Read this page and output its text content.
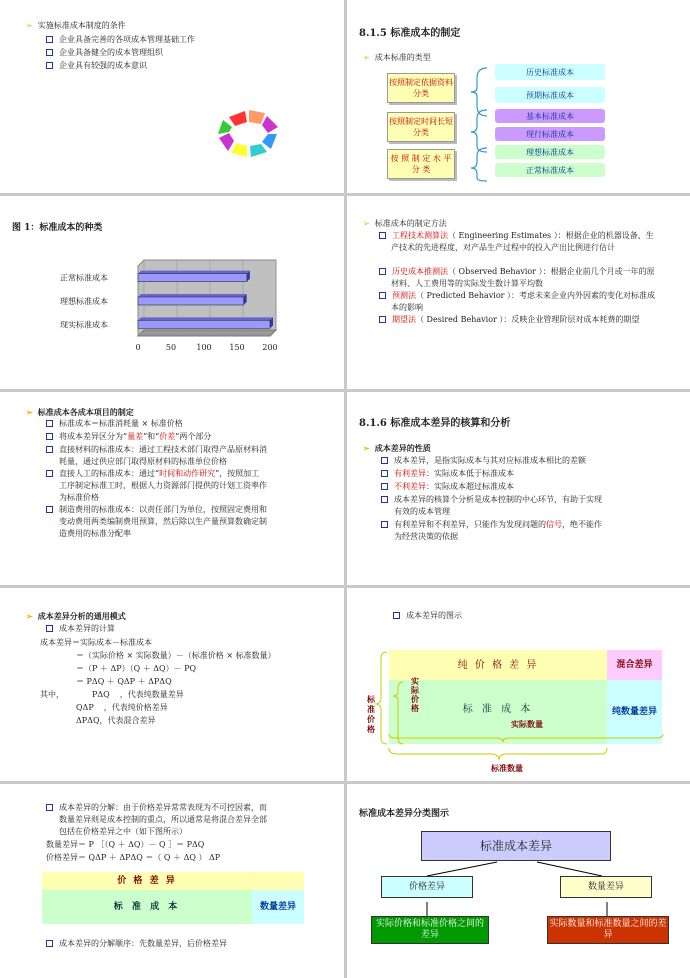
➢ 实施标准成本制度的条件
企业具备完善的各项成本管理基础工作
企业具备健全的成本管理组织
企业具有较强的成本意识
8.1.5 标准成本的制定
➢ 成本标准的类型
按照制定依据资料分类
按照制定时间长短分类
按 照 制 定 水 平 分 类
历史标准成本
预期标准成本
基本标准成本
现行标准成本
理想标准成本
正常标准成本
图 1：标准成本的种类
0	50	100 150 200
正常标准成本
理想标准成本
现实标准成本
➢ 标准成本的制定方法
工程技术测算法（ Engineering Estimates ）：根据企业的机器设备、生产技术的先进程度，对产品生产过程中的投入产出比例进行估计
历史成本推测法（ Observed Behavior ）：根据企业前几个月或一年的原材料、人工费用等的实际发生数计算平均数
预测法（ Predicted Behavior ）：考虑未来企业内外因素的变化对标准成本的影响
期望法（ Desired Behavior ）：反映企业管理阶层对成本耗费的期望
➢ 标准成本各成本项目的制定
标准成本＝标准消耗量 × 标准价格
将成本差异区分为“量差”和“价差”两个部分
直接材料的标准成本：通过工程技术部门取得产品原材料消
耗量，通过供应部门取得原材料的标准单位价格
直接人工的标准成本：通过“时间和动作研究”，按照加工
工序制定标准工时，根据人力资源部门提供的计划工资率作
为标准价格
制造费用的标准成本：以责任部门为单位，按照固定费用和
变动费用两类编制费用预算，然后除以生产量预算数确定制
造费用的标准分配率
8.1.6 标准成本差异的核算和分析
➢ 成本差异的性质
成本差异，是指实际成本与其对应标准成本相比的差额
有利差异：实际成本低于标准成本
不利差异：实际成本超过标准成本
成本差异的核算个分析是成本控制的中心环节，有助于实现
有效的成本管理
有利差异和不利差异，只能作为发现问题的信号，绝不能作
为经营决策的依据
➢ 成本差异分析的通用模式
成本差异的计算
成本差异＝实际成本－标准成本
＝（实际价格 × 实际数量）－（标准价格 × 标准数量）
＝（P ＋ ΔP）（Q ＋ ΔQ）－ PQ
＝ PΔQ ＋ QΔP ＋ ΔPΔQ
其中，	PΔQ ，代表纯数量差异
QΔP ，代表纯价格差异
ΔPΔQ，代表混合差异
成本差异的图示
纯 价 格 差 异	混合差异
标 准 成 本	纯数量差异
实际数量
实际价格
标准价格
标准数量
成本差异的分解：由于价格差异常常表现为不可控因素，而
数量差异则是成本控制的重点，所以通常是将混合差异全部
包括在价格差异之中（如下图所示）
数量差异＝ P ［（Q ＋ ΔQ）－ Q ］＝ PΔQ
价格差异＝ QΔP ＋ ΔPΔQ ＝（ Q ＋ ΔQ ） ΔP
价 格 差 异
标 准 成 本	数量差异
成本差异的分解顺序：先数量差异，后价格差异
标准成本差异分类图示
标准成本差异
价格差异	数量差异
实际价格和标准价格之间的差异
实际数量和标准数量之间的差异
